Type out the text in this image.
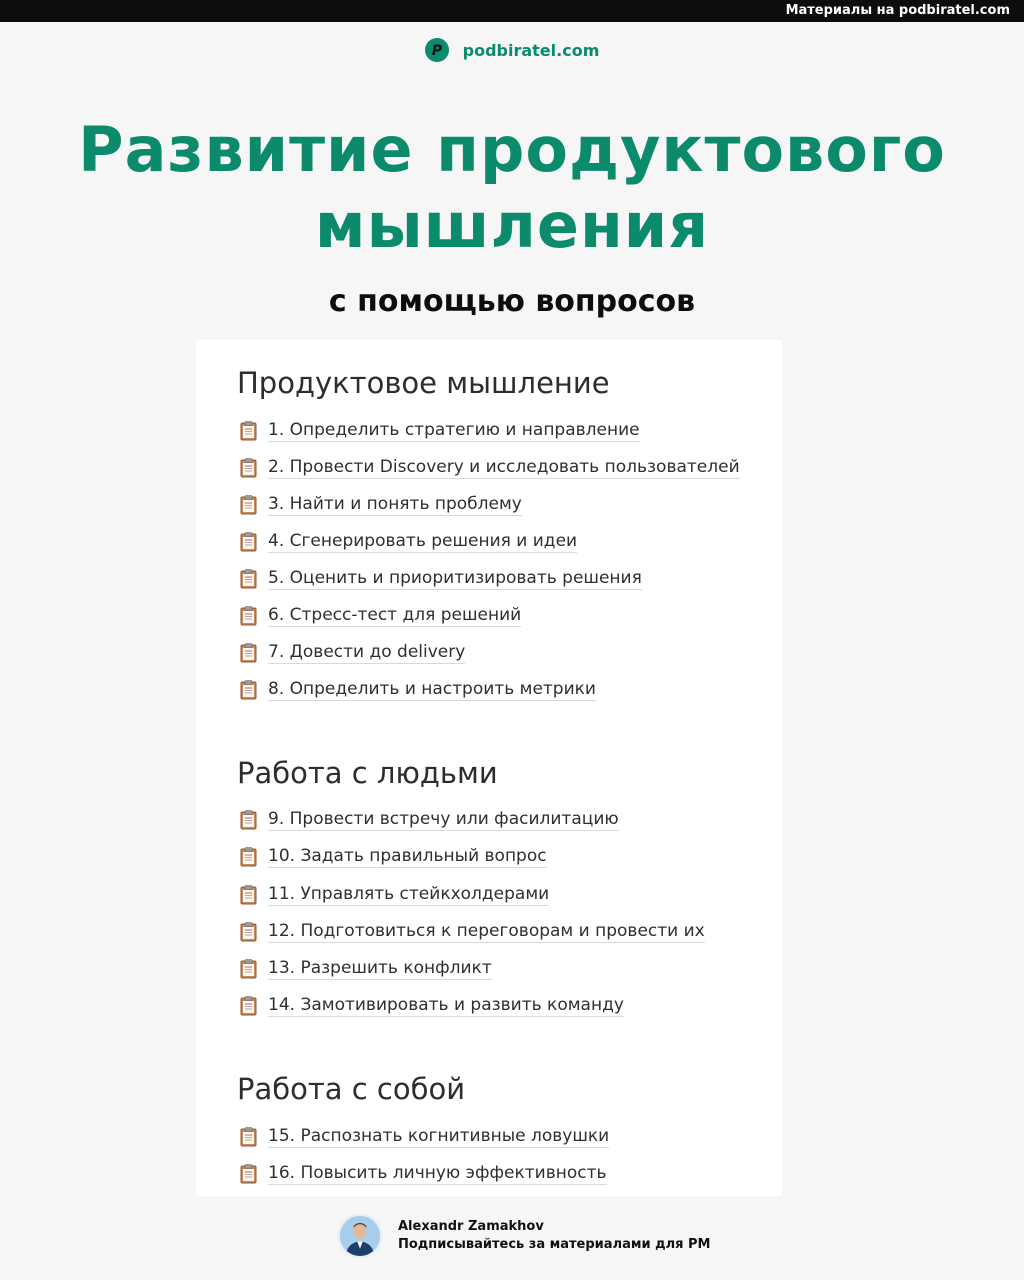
Материалы на podbiratel.com
P podbiratel.com
Развитие продуктового
мышления
с помощью вопросов
Продуктовое мышление
1. Определить стратегию и направление
2. Провести Discovery и исследовать пользователей
3. Найти и понять проблему
4. Сгенерировать решения и идеи
5. Оценить и приоритизировать решения
6. Стресс-тест для решений
7. Довести до delivery
8. Определить и настроить метрики
Работа с людьми
9. Провести встречу или фасилитацию
10. Задать правильный вопрос
11. Управлять стейкхолдерами
12. Подготовиться к переговорам и провести их
13. Разрешить конфликт
14. Замотивировать и развить команду
Работа с собой
15. Распознать когнитивные ловушки
16. Повысить личную эффективность
Alexandr Zamakhov
Подписывайтесь за материалами для PM
